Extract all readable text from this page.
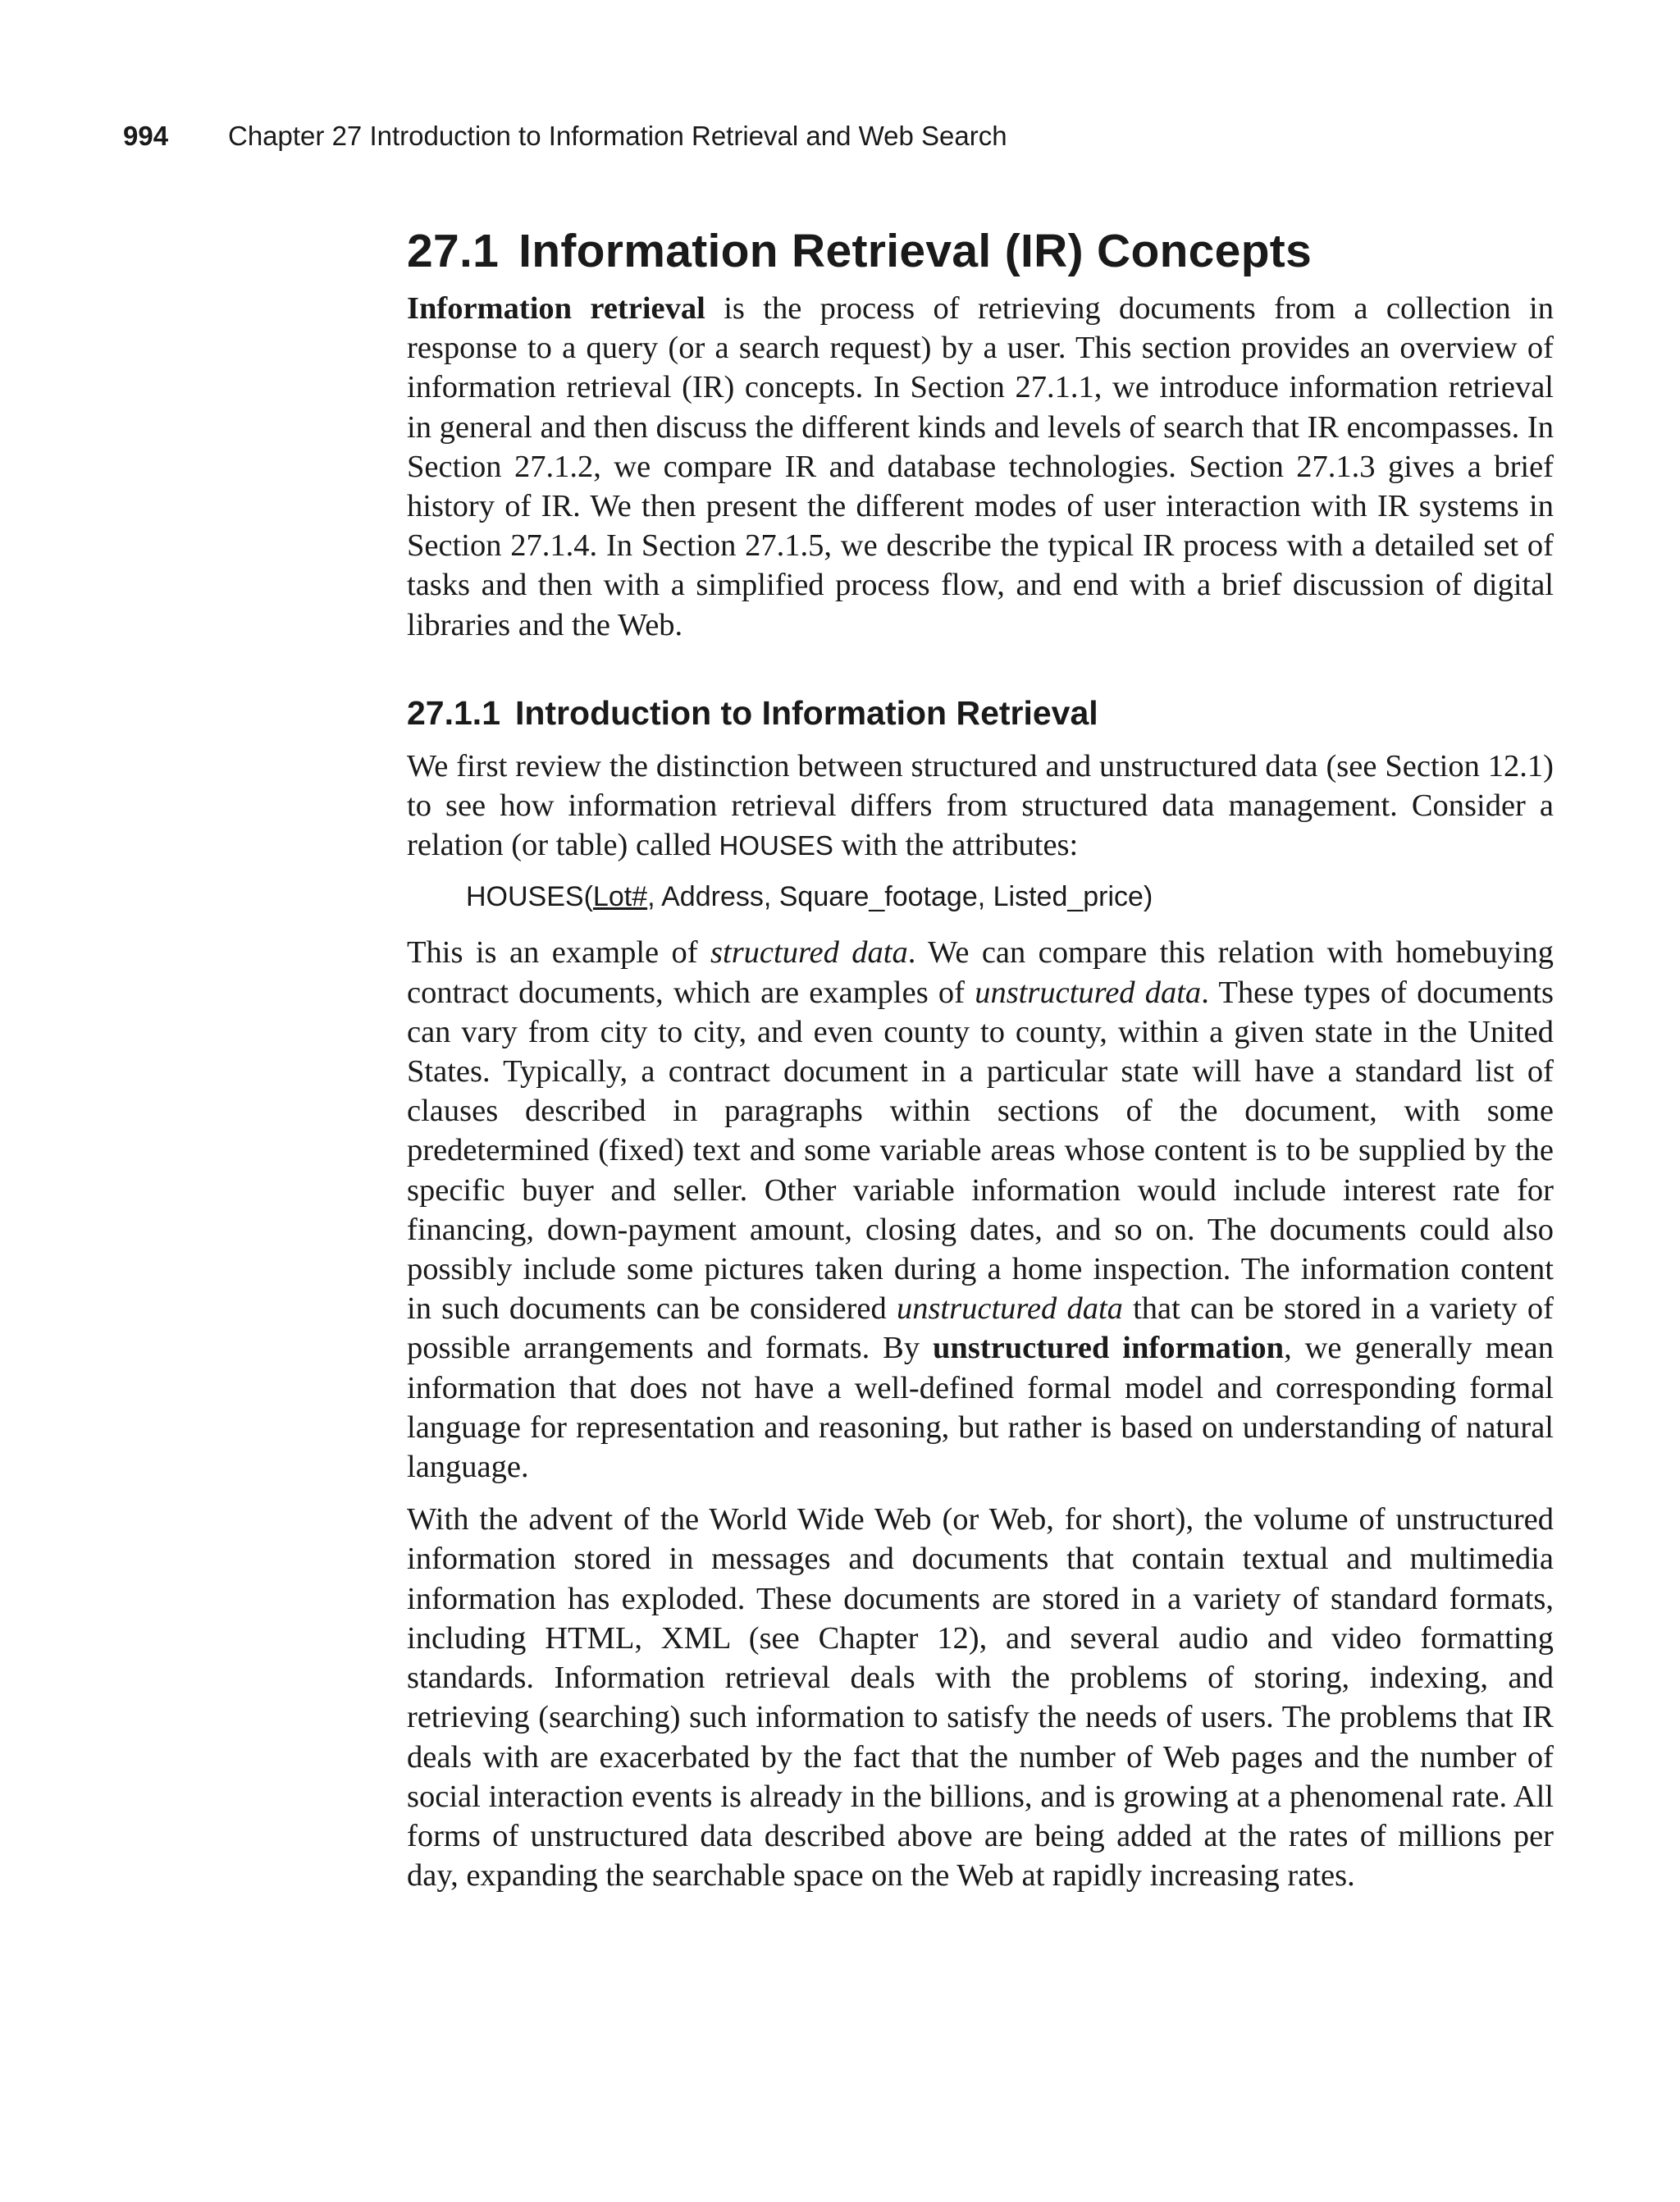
994 Chapter 27 Introduction to Information Retrieval and Web Search
27.1 Information Retrieval (IR) Concepts

Information retrieval is the process of retrieving documents from a collection in response to a query (or a search request) by a user. This section provides an overview of information retrieval (IR) concepts. In Section 27.1.1, we introduce information retrieval in general and then discuss the different kinds and levels of search that IR encompasses. In Section 27.1.2, we compare IR and database technologies. Section 27.1.3 gives a brief history of IR. We then present the different modes of user interaction with IR systems in Section 27.1.4. In Section 27.1.5, we describe the typical IR process with a detailed set of tasks and then with a simplified process flow, and end with a brief discussion of digital libraries and the Web.

27.1.1 Introduction to Information Retrieval

We first review the distinction between structured and unstructured data (see Section 12.1) to see how information retrieval differs from structured data management. Consider a relation (or table) called HOUSES with the attributes:

HOUSES(Lot#, Address, Square_footage, Listed_price)

This is an example of structured data. We can compare this relation with homebuying contract documents, which are examples of unstructured data. These types of documents can vary from city to city, and even county to county, within a given state in the United States. Typically, a contract document in a particular state will have a standard list of clauses described in paragraphs within sections of the document, with some predetermined (fixed) text and some variable areas whose content is to be supplied by the specific buyer and seller. Other variable information would include interest rate for financing, down-payment amount, closing dates, and so on. The documents could also possibly include some pictures taken during a home inspection. The information content in such documents can be considered unstructured data that can be stored in a variety of possible arrangements and formats. By unstructured information, we generally mean information that does not have a well-defined formal model and corresponding formal language for representation and reasoning, but rather is based on understanding of natural language.

With the advent of the World Wide Web (or Web, for short), the volume of unstructured information stored in messages and documents that contain textual and multimedia information has exploded. These documents are stored in a variety of standard formats, including HTML, XML (see Chapter 12), and several audio and video formatting standards. Information retrieval deals with the problems of storing, indexing, and retrieving (searching) such information to satisfy the needs of users. The problems that IR deals with are exacerbated by the fact that the number of Web pages and the number of social interaction events is already in the billions, and is growing at a phenomenal rate. All forms of unstructured data described above are being added at the rates of millions per day, expanding the searchable space on the Web at rapidly increasing rates.
